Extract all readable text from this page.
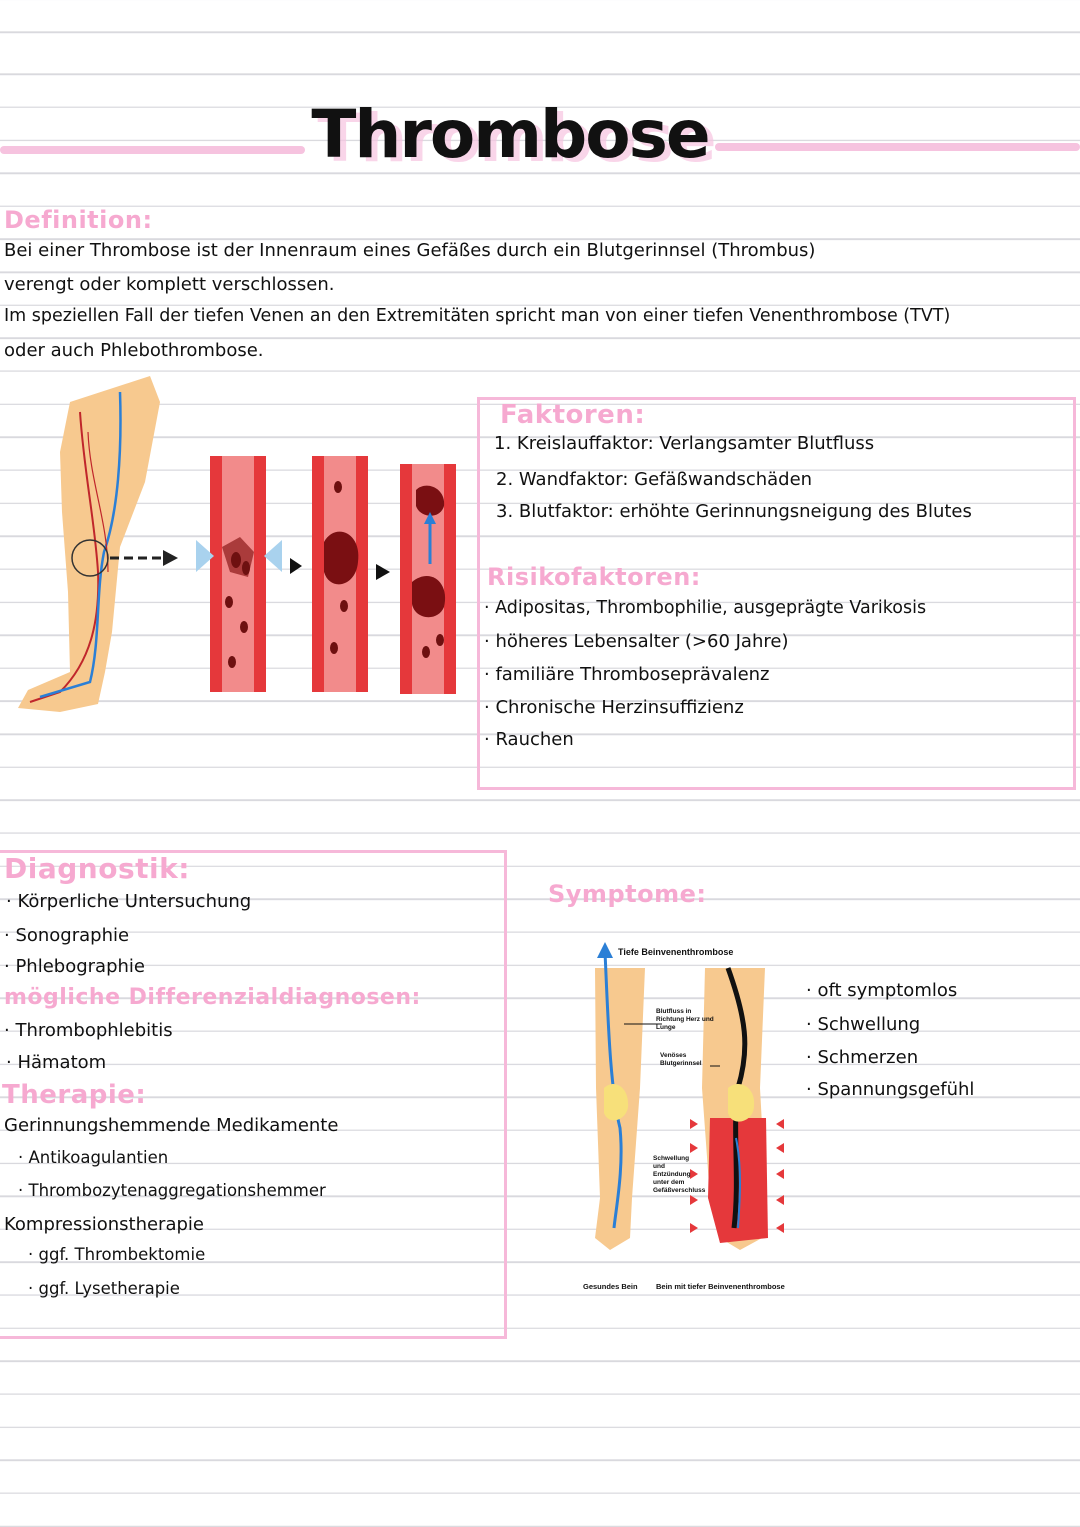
Thrombose
Definition:
Bei einer Thrombose ist der Innenraum eines Gefäßes durch ein Blutgerinnsel (Thrombus)
verengt oder komplett verschlossen.
Im speziellen Fall der tiefen Venen an den Extremitäten spricht man von einer tiefen Venenthrombose (TVT)
oder auch Phlebothrombose.
Faktoren:
1. Kreislauffaktor: Verlangsamter Blutfluss
2. Wandfaktor: Gefäßwandschäden
3. Blutfaktor: erhöhte Gerinnungsneigung des Blutes
Risikofaktoren:
· Adipositas, Thrombophilie, ausgeprägte Varikosis
· höheres Lebensalter (>60 Jahre)
· familiäre Thromboseprävalenz
· Chronische Herzinsuffizienz
· Rauchen
Diagnostik:
· Körperliche Untersuchung
· Sonographie
· Phlebographie
mögliche Differenzialdiagnosen:
· Thrombophlebitis
· Hämatom
Therapie:
Gerinnungshemmende Medikamente
· Antikoagulantien
· Thrombozytenaggregationshemmer
Kompressionstherapie
· ggf. Thrombektomie
· ggf. Lysetherapie
Symptome:
Tiefe Beinvenenthrombose
Blutfluss in Richtung Herz und Lunge
Venöses Blutgerinnsel
Schwellung und Entzündung unter dem Gefäßverschluss
Gesundes Bein Bein mit tiefer Beinvenenthrombose
· oft symptomlos
· Schwellung
· Schmerzen
· Spannungsgefühl
